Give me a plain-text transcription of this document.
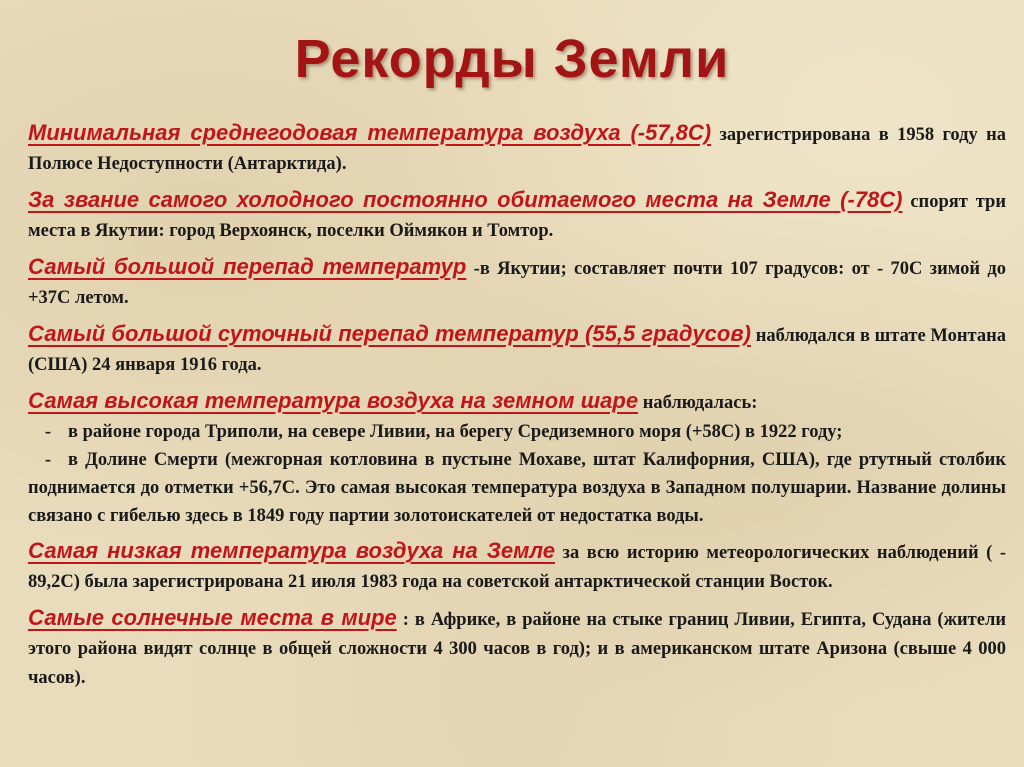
Рекорды Земли

Минимальная среднегодовая температура воздуха (-57,8С) зарегистрирована в 1958 году на Полюсе Недоступности (Антарктида).

За звание самого холодного постоянно обитаемого места на Земле (-78С) спорят три места в Якутии: город Верхоянск, поселки Оймякон и Томтор.

Самый большой перепад температур -в Якутии; составляет почти 107 градусов: от - 70С зимой до +37С летом.

Самый большой суточный перепад температур (55,5 градусов) наблюдался в штате Монтана (США) 24 января 1916 года.

Самая высокая температура воздуха на земном шаре наблюдалась:

- в районе города Триполи, на севере Ливии, на берегу Средиземного моря (+58С) в 1922 году;

- в Долине Смерти (межгорная котловина в пустыне Мохаве, штат Калифорния, США), где ртутный столбик поднимается до отметки +56,7С. Это самая высокая температура воздуха в Западном полушарии. Название долины связано с гибелью здесь в 1849 году партии золотоискателей от недостатка воды.

Самая низкая температура воздуха на Земле за всю историю метеорологических наблюдений ( - 89,2С) была зарегистрирована 21 июля 1983 года на советской антарктической станции Восток.

Самые солнечные места в мире : в Африке, в районе на стыке границ Ливии, Египта, Судана (жители этого района видят солнце в общей сложности 4 300 часов в год); и в американском штате Аризона (свыше 4 000 часов).
